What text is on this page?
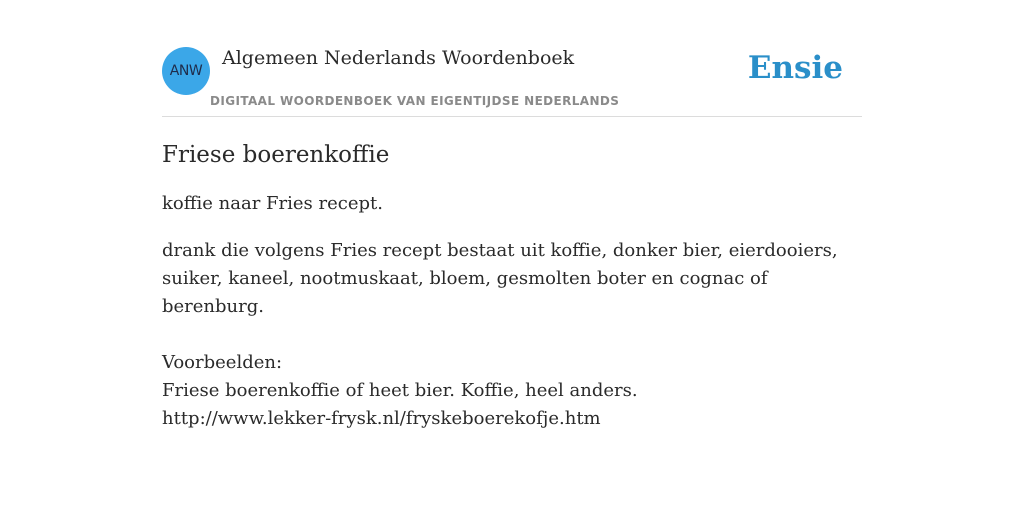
ANW
Algemeen Nederlands Woordenboek
DIGITAAL WOORDENBOEK VAN EIGENTIJDSE NEDERLANDS
Ensie
Friese boerenkoffie

koffie naar Fries recept.

drank die volgens Fries recept bestaat uit koffie, donker bier, eierdooiers, suiker, kaneel, nootmuskaat, bloem, gesmolten boter en cognac of berenburg.

Voorbeelden:
Friese boerenkoffie of heet bier. Koffie, heel anders.
http://www.lekker-frysk.nl/fryskeboerekofje.htm
